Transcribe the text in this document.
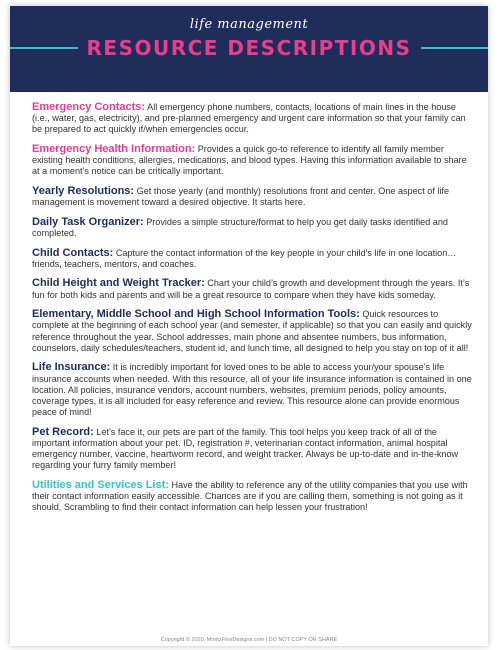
life management
RESOURCE DESCRIPTIONS
Emergency Contacts: All emergency phone numbers, contacts, locations of main lines in the house (i.e., water, gas, electricity), and pre-planned emergency and urgent care information so that your family can be prepared to act quickly if/when emergencies occur.
Emergency Health Information: Provides a quick go-to reference to identify all family member existing health conditions, allergies, medications, and blood types. Having this information available to share at a moment’s notice can be critically important.
Yearly Resolutions: Get those yearly (and monthly) resolutions front and center. One aspect of life management is movement toward a desired objective. It starts here.
Daily Task Organizer: Provides a simple structure/format to help you get daily tasks identified and completed.
Child Contacts: Capture the contact information of the key people in your child’s life in one location…friends, teachers, mentors, and coaches.
Child Height and Weight Tracker: Chart your child’s growth and development through the years. It’s fun for both kids and parents and will be a great resource to compare when they have kids someday.
Elementary, Middle School and High School Information Tools: Quick resources to complete at the beginning of each school year (and semester, if applicable) so that you can easily and quickly reference throughout the year. School addresses, main phone and absentee numbers, bus information, counselors, daily schedules/teachers, student id, and lunch time, all designed to help you stay on top of it all!
Life Insurance: It is incredibly important for loved ones to be able to access your/your spouse’s life insurance accounts when needed. With this resource, all of your life insurance information is contained in one location. All policies, insurance vendors, account numbers, websites, premium periods, policy amounts, coverage types, it is all included for easy reference and review. This resource alone can provide enormous peace of mind!
Pet Record: Let’s face it, our pets are part of the family. This tool helps you keep track of all of the important information about your pet. ID, registration #, veterinarian contact information, animal hospital emergency number, vaccine, heartworm record, and weight tracker. Always be up-to-date and in-the-know regarding your furry family member!
Utilities and Services List: Have the ability to reference any of the utility companies that you use with their contact information easily accessible. Chances are if you are calling them, something is not going as it should. Scrambling to find their contact information can help lessen your frustration!
Copyright © 2020, MoritzFineDesigns.com | DO NOT COPY OR SHARE
